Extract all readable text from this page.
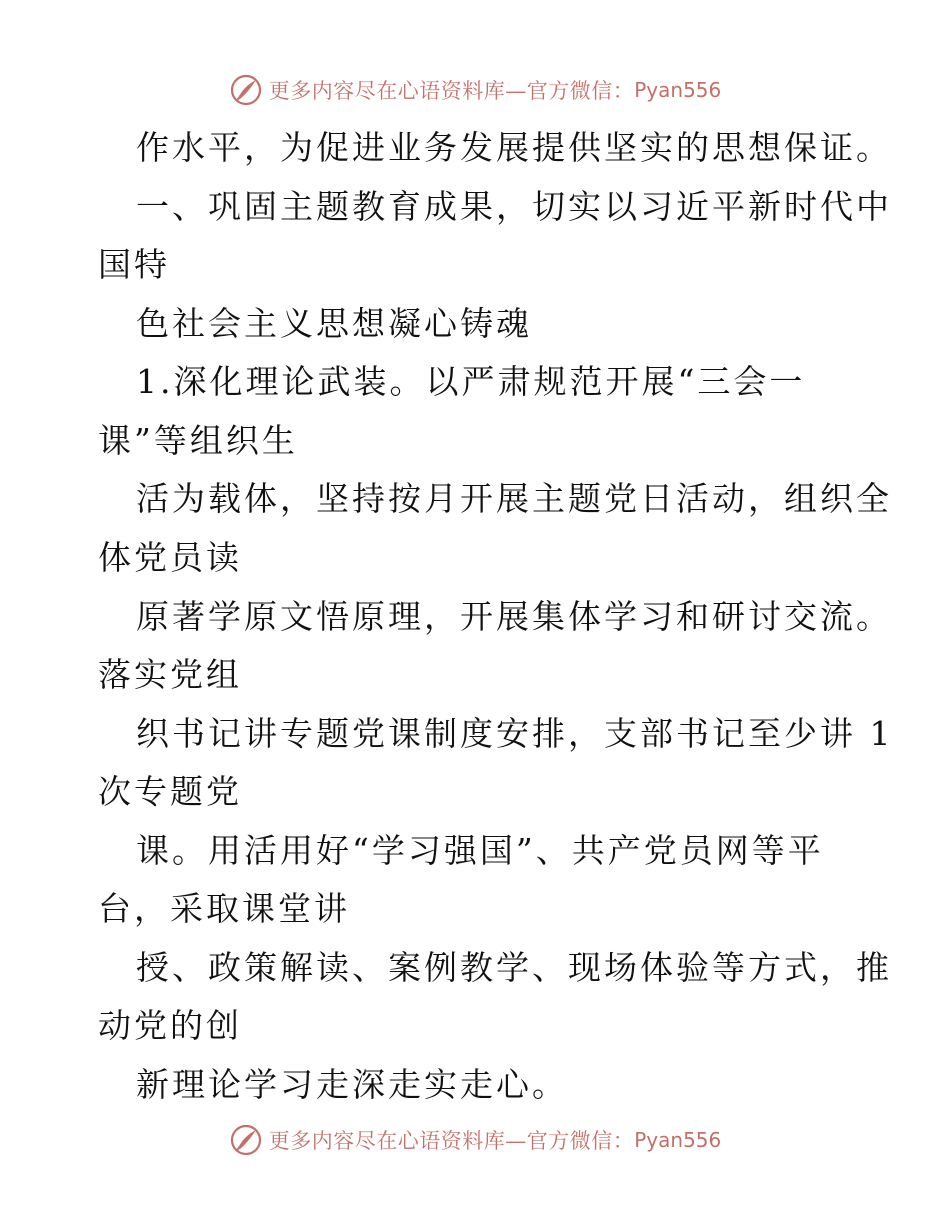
更多内容尽在心语资料库—官方微信： Pyan556
作水平，为促进业务发展提供坚实的思想保证。
一、巩固主题教育成果，切实以习近平新时代中
国特
色社会主义思想凝心铸魂
1.深化理论武装。以严肃规范开展“三会一
课”等组织生
活为载体，坚持按月开展主题党日活动，组织全
体党员读
原著学原文悟原理，开展集体学习和研讨交流。
落实党组
织书记讲专题党课制度安排，支部书记至少讲 1
次专题党
课。用活用好“学习强国”、共产党员网等平
台，采取课堂讲
授、政策解读、案例教学、现场体验等方式，推
动党的创
新理论学习走深走实走心。
更多内容尽在心语资料库—官方微信： Pyan556
